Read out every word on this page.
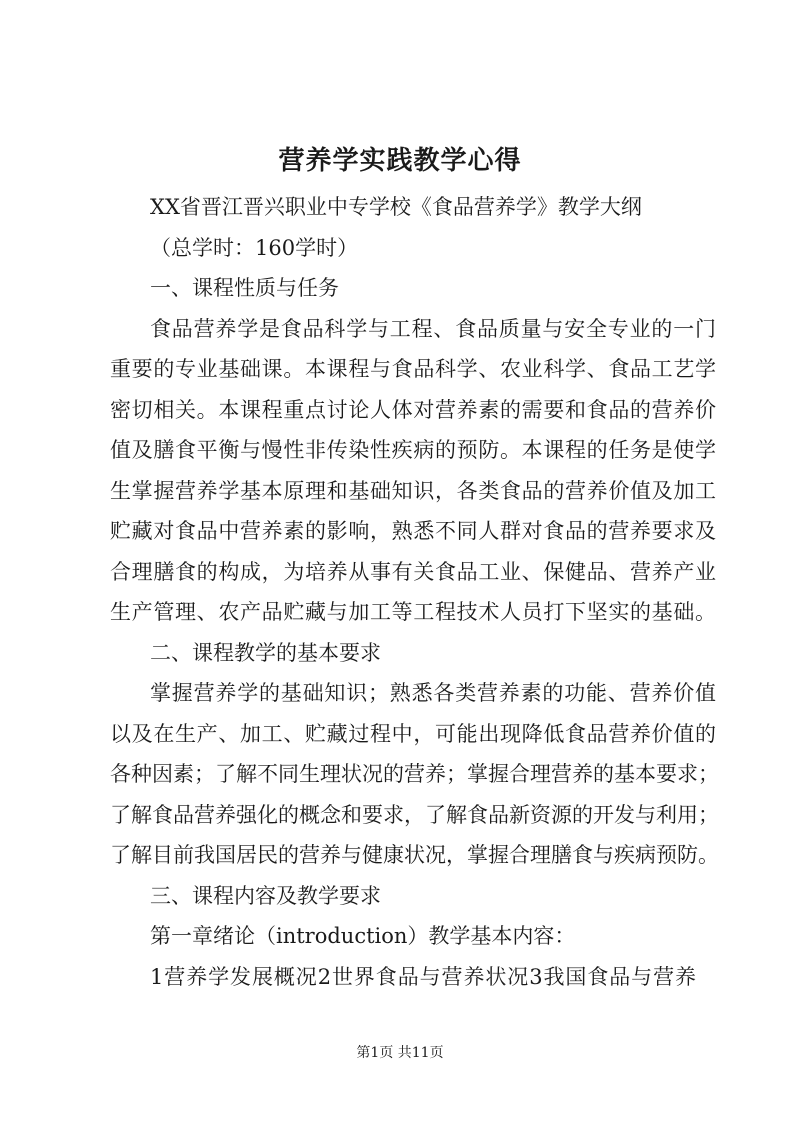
营养学实践教学心得
XX省晋江晋兴职业中专学校《食品营养学》教学大纲
（总学时：160学时）
一、课程性质与任务
食品营养学是食品科学与工程、食品质量与安全专业的一门
重要的专业基础课。本课程与食品科学、农业科学、食品工艺学
密切相关。本课程重点讨论人体对营养素的需要和食品的营养价
值及膳食平衡与慢性非传染性疾病的预防。本课程的任务是使学
生掌握营养学基本原理和基础知识，各类食品的营养价值及加工
贮藏对食品中营养素的影响，熟悉不同人群对食品的营养要求及
合理膳食的构成，为培养从事有关食品工业、保健品、营养产业
生产管理、农产品贮藏与加工等工程技术人员打下坚实的基础。
二、课程教学的基本要求
掌握营养学的基础知识；熟悉各类营养素的功能、营养价值
以及在生产、加工、贮藏过程中，可能出现降低食品营养价值的
各种因素；了解不同生理状况的营养；掌握合理营养的基本要求；
了解食品营养强化的概念和要求，了解食品新资源的开发与利用；
了解目前我国居民的营养与健康状况，掌握合理膳食与疾病预防。
三、课程内容及教学要求
第一章绪论（introduction）教学基本内容：
1营养学发展概况2世界食品与营养状况3我国食品与营养
第1页 共11页
